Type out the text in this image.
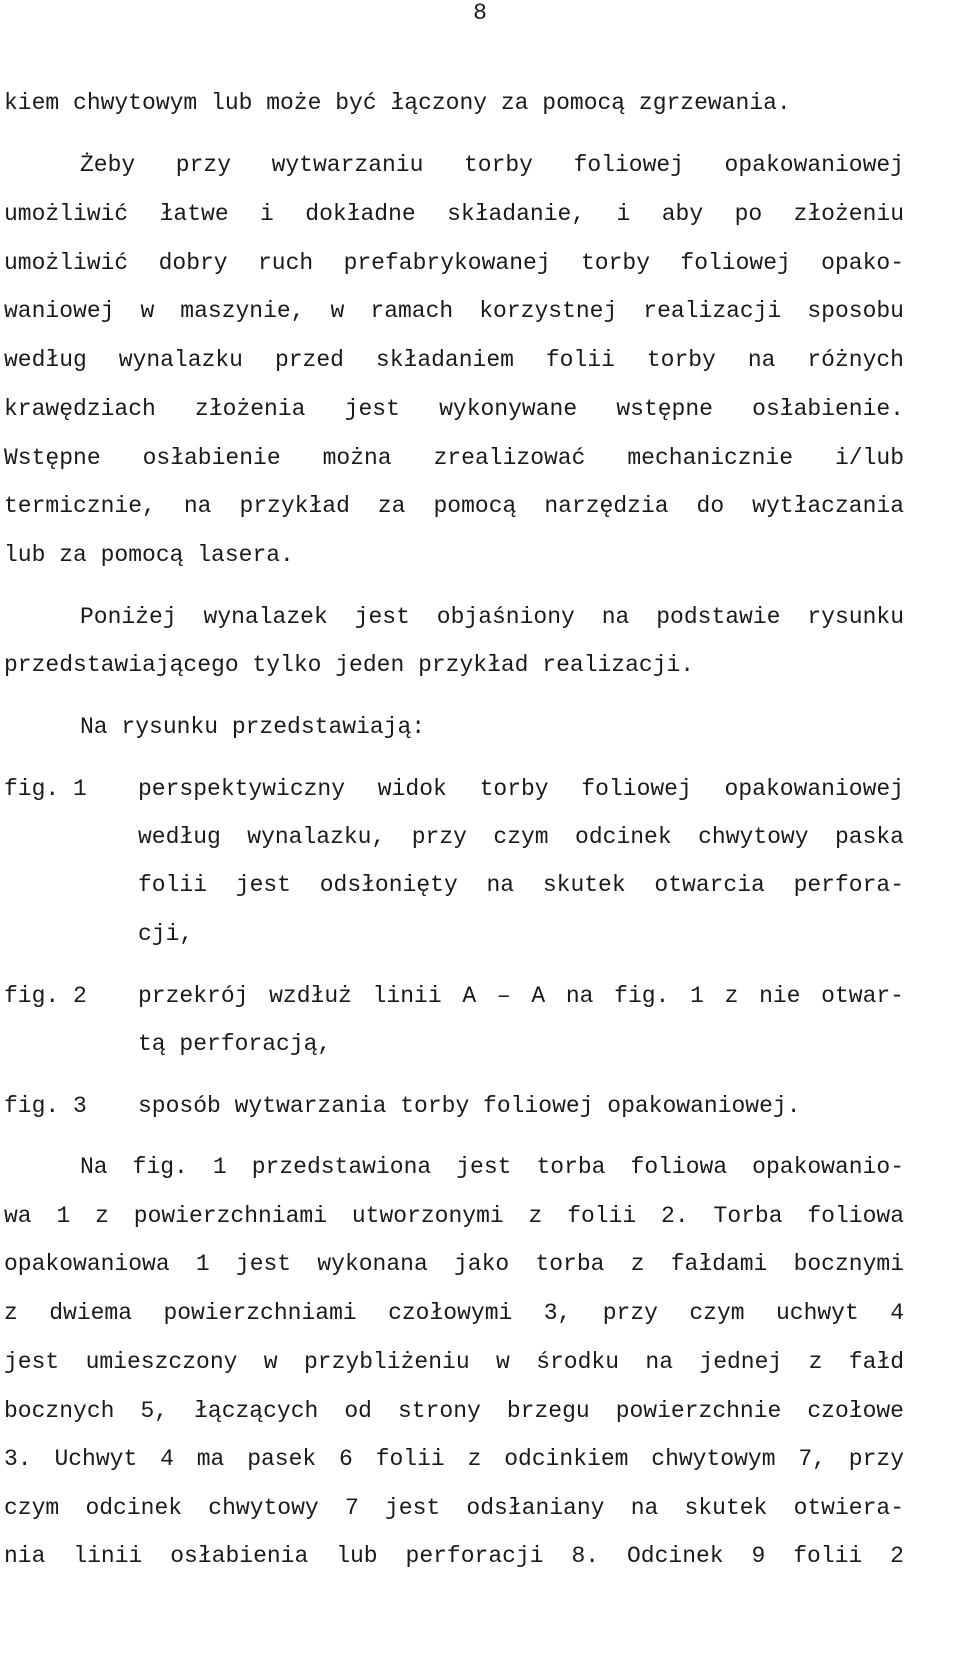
8
kiem chwytowym lub może być łączony za pomocą zgrzewania.
Żeby przy wytwarzaniu torby foliowej opakowaniowej
umożliwić łatwe i dokładne składanie, i aby po złożeniu
umożliwić dobry ruch prefabrykowanej torby foliowej opako-
waniowej w maszynie, w ramach korzystnej realizacji sposobu
według wynalazku przed składaniem folii torby na różnych
krawędziach złożenia jest wykonywane wstępne osłabienie.
Wstępne osłabienie można zrealizować mechanicznie i/lub
termicznie, na przykład za pomocą narzędzia do wytłaczania
lub za pomocą lasera.
Poniżej wynalazek jest objaśniony na podstawie rysunku
przedstawiającego tylko jeden przykład realizacji.
Na rysunku przedstawiają:
fig. 1	perspektywiczny widok torby foliowej opakowaniowej
według wynalazku, przy czym odcinek chwytowy paska
folii jest odsłonięty na skutek otwarcia perfora-
cji,
fig. 2	przekrój wzdłuż linii A – A na fig. 1 z nie otwar-
tą perforacją,
fig. 3	sposób wytwarzania torby foliowej opakowaniowej.
Na fig. 1 przedstawiona jest torba foliowa opakowanio-
wa 1 z powierzchniami utworzonymi z folii 2. Torba foliowa
opakowaniowa 1 jest wykonana jako torba z fałdami bocznymi
z dwiema powierzchniami czołowymi 3, przy czym uchwyt 4
jest umieszczony w przybliżeniu w środku na jednej z fałd
bocznych 5, łączących od strony brzegu powierzchnie czołowe
3. Uchwyt 4 ma pasek 6 folii z odcinkiem chwytowym 7, przy
czym odcinek chwytowy 7 jest odsłaniany na skutek otwiera-
nia linii osłabienia lub perforacji 8. Odcinek 9 folii 2
